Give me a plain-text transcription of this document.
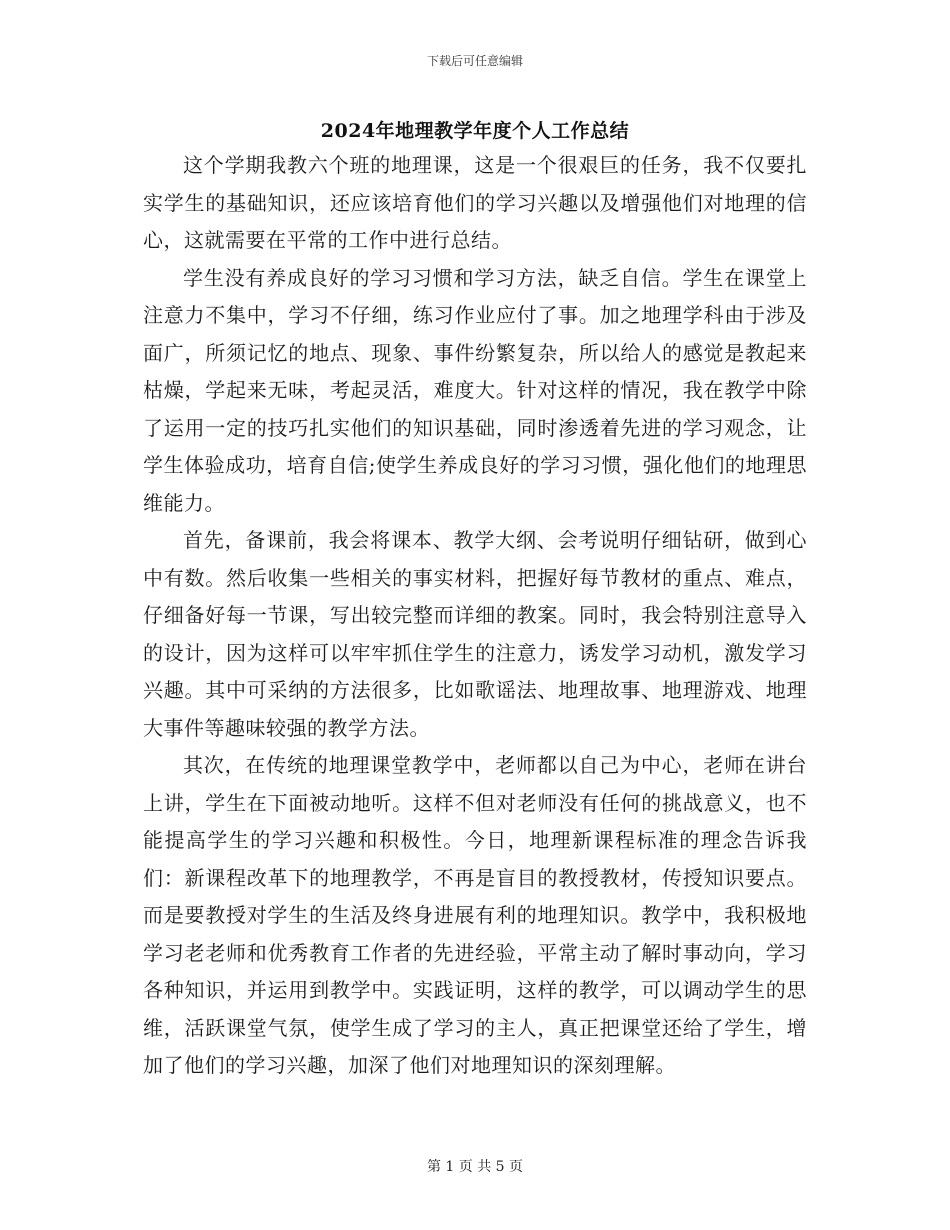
下载后可任意编辑
2024年地理教学年度个人工作总结

这个学期我教六个班的地理课，这是一个很艰巨的任务，我不仅要扎实学生的基础知识，还应该培育他们的学习兴趣以及增强他们对地理的信心，这就需要在平常的工作中进行总结。

学生没有养成良好的学习习惯和学习方法，缺乏自信。学生在课堂上注意力不集中，学习不仔细，练习作业应付了事。加之地理学科由于涉及面广，所须记忆的地点、现象、事件纷繁复杂，所以给人的感觉是教起来枯燥，学起来无味，考起灵活，难度大。针对这样的情况，我在教学中除了运用一定的技巧扎实他们的知识基础，同时渗透着先进的学习观念，让学生体验成功，培育自信;使学生养成良好的学习习惯，强化他们的地理思维能力。

首先，备课前，我会将课本、教学大纲、会考说明仔细钻研，做到心中有数。然后收集一些相关的事实材料，把握好每节教材的重点、难点，仔细备好每一节课，写出较完整而详细的教案。同时，我会特别注意导入的设计，因为这样可以牢牢抓住学生的注意力，诱发学习动机，激发学习兴趣。其中可采纳的方法很多，比如歌谣法、地理故事、地理游戏、地理大事件等趣味较强的教学方法。

其次，在传统的地理课堂教学中，老师都以自己为中心，老师在讲台上讲，学生在下面被动地听。这样不但对老师没有任何的挑战意义，也不能提高学生的学习兴趣和积极性。今日，地理新课程标准的理念告诉我们：新课程改革下的地理教学，不再是盲目的教授教材，传授知识要点。而是要教授对学生的生活及终身进展有利的地理知识。教学中，我积极地学习老老师和优秀教育工作者的先进经验，平常主动了解时事动向，学习各种知识，并运用到教学中。实践证明，这样的教学，可以调动学生的思维，活跃课堂气氛，使学生成了学习的主人，真正把课堂还给了学生，增加了他们的学习兴趣，加深了他们对地理知识的深刻理解。

第 1 页 共 5 页
